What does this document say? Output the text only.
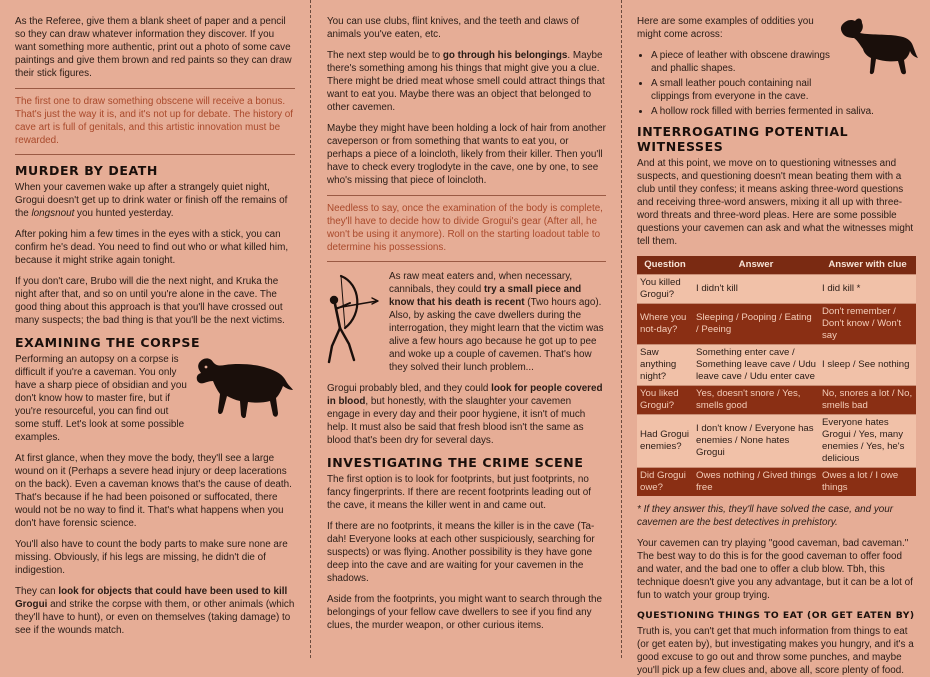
As the Referee, give them a blank sheet of paper and a pencil so they can draw whatever information they discover. If you want something more authentic, print out a photo of some cave paintings and give them brown and red paints so they can draw their stick figures.

The first one to draw something obscene will receive a bonus. That's just the way it is, and it's not up for debate. The history of cave art is full of genitals, and this artistic innovation must be rewarded.
MURDER BY DEATH

When your cavemen wake up after a strangely quiet night, Grogui doesn't get up to drink water or finish off the remains of the longsnout you hunted yesterday.

After poking him a few times in the eyes with a stick, you can confirm he's dead. You need to find out who or what killed him, because it might strike again tonight.

If you don't care, Brubo will die the next night, and Kruka the night after that, and so on until you're alone in the cave. The good thing about this approach is that you'll have crossed out many suspects; the bad thing is that you'll be the next victims.

EXAMINING THE CORPSE

Performing an autopsy on a corpse is difficult if you're a caveman. You only have a sharp piece of obsidian and you don't know how to master fire, but if you're resourceful, you can find out some stuff. Let's look at some possible examples.

At first glance, when they move the body, they'll see a large wound on it (Perhaps a severe head injury or deep lacerations on the back). Even a caveman knows that's the cause of death. That's because if he had been poisoned or suffocated, there would not be no way to find it. That's what happens when you don't have forensic science.

You'll also have to count the body parts to make sure none are missing. Obviously, if his legs are missing, he didn't die of indigestion.

They can look for objects that could have been used to kill Grogui and strike the corpse with them, or other animals (which they'll have to hunt), or even on themselves (taking damage) to see if the wounds match.

You can use clubs, flint knives, and the teeth and claws of animals you've eaten, etc.

The next step would be to go through his belongings. Maybe there's something among his things that might give you a clue. There might be dried meat whose smell could attract things that want to eat you. Maybe there was an object that belonged to other cavemen.

Maybe they might have been holding a lock of hair from another caveperson or from something that wants to eat you, or perhaps a piece of a loincloth, likely from their killer. Then you'll have to check every troglodyte in the cave, one by one, to see who's missing that piece of loincloth.

Needless to say, once the examination of the body is complete, they'll have to decide how to divide Grogui's gear (After all, he won't be using it anymore). Roll on the starting loadout table to determine his possessions.

As raw meat eaters and, when necessary, cannibals, they could try a small piece and know that his death is recent (Two hours ago). Also, by asking the cave dwellers during the interrogation, they might learn that the victim was alive a few hours ago because he got up to pee and woke up a couple of cavemen. That's how they solved their lunch problem...

Grogui probably bled, and they could look for people covered in blood, but honestly, with the slaughter your cavemen engage in every day and their poor hygiene, it isn't of much help. It must also be said that fresh blood isn't the same as blood that's been dry for several days.

INVESTIGATING THE CRIME SCENE

The first option is to look for footprints, but just footprints, no fancy fingerprints. If there are recent footprints leading out of the cave, it means the killer went in and came out.

If there are no footprints, it means the killer is in the cave (Ta-dah! Everyone looks at each other suspiciously, searching for suspects) or was flying. Another possibility is they have gone deep into the cave and are waiting for your cavemen in the shadows.

Aside from the footprints, you might want to search through the belongings of your fellow cave dwellers to see if you find any clues, the murder weapon, or other curious items.

Here are some examples of oddities you might come across:

• A piece of leather with obscene drawings and phallic shapes.
• A small leather pouch containing nail clippings from everyone in the cave.
• A hollow rock filled with berries fermented in saliva.
INTERROGATING POTENTIAL WITNESSES

And at this point, we move on to questioning witnesses and suspects, and questioning doesn't mean beating them with a club until they confess; it means asking three-word questions and receiving three-word answers, mixing it all up with three-word threats and three-word pleas. Here are some possible questions your cavemen can ask and what the witnesses might tell them.

Question	Answer	Answer with clue
You killed Grogui?	I didn't kill	I did kill *
Where you not-day?	Sleeping / Pooping / Eating / Peeing	Don't remember / Don't know / Won't say
Saw anything night?	Something enter cave / Something leave cave / Udu leave cave / Udu enter cave	I sleep / See nothing
You liked Grogui?	Yes, doesn't snore / Yes, smells good	No, snores a lot / No, smells bad
Had Grogui enemies?	I don't know / Everyone has enemies / None hates Grogui	Everyone hates Grogui / Yes, many enemies / Yes, he's delicious
Did Grogui owe?	Owes nothing / Gived things free	Owes a lot / I owe things

* If they answer this, they'll have solved the case, and your cavemen are the best detectives in prehistory.

Your cavemen can try playing "good caveman, bad caveman." The best way to do this is for the good caveman to offer food and water, and the bad one to offer a club blow. Tbh, this technique doesn't give you any advantage, but it can be a lot of fun to watch your group trying.

QUESTIONING THINGS TO EAT (OR GET EATEN BY)

Truth is, you can't get that much information from things to eat (or get eaten by), but investigating makes you hungry, and it's a good excuse to go out and throw some punches, and maybe you'll pick up a few clues and, above all, score plenty of food.
